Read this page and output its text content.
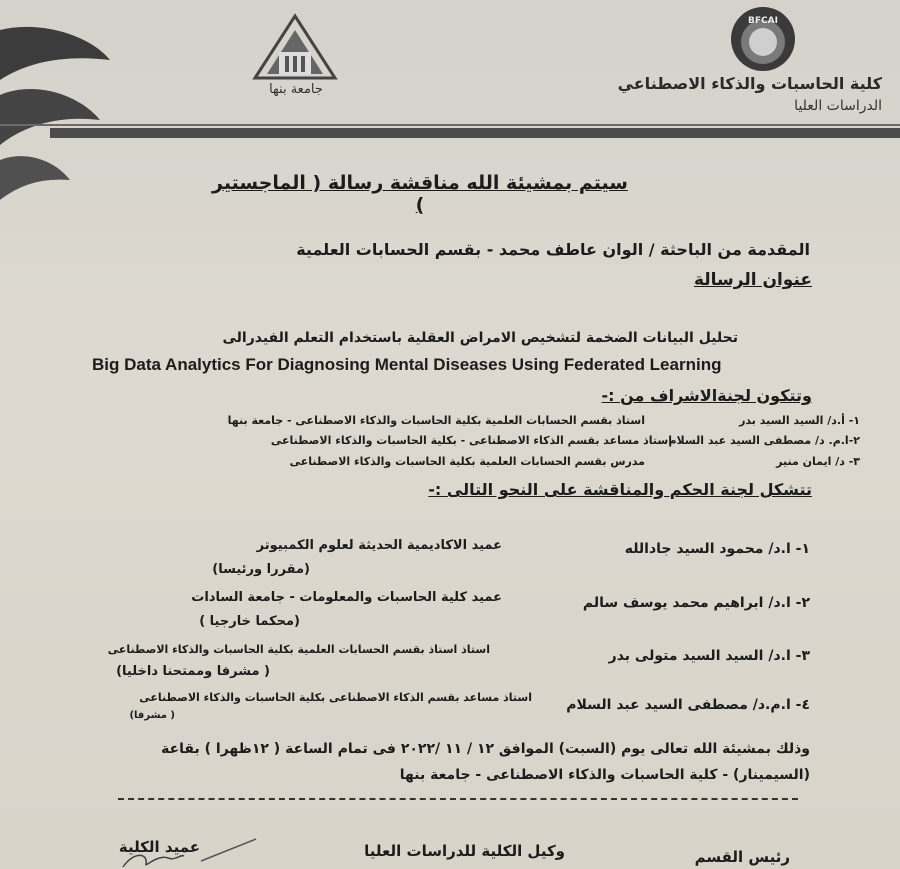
جامعة بنها
BFCAI
كلية الحاسبات والذكاء الاصطناعي
الدراسات العليا
سيتم بمشيئة الله مناقشة رسالة ( الماجستير )
المقدمة من الباحثة / الوان عاطف محمد - بقسم الحسابات العلمية
عنوان الرسالة
تحليل البيانات الضخمة لتشخيص الامراض العقلية باستخدام التعلم الفيدرالى
Big Data Analytics For Diagnosing Mental Diseases Using Federated Learning
وتتكون لجنةالاشراف من :-
١- أ.د/ السيد السيد بدر
استاذ بقسم الحسابات العلمية بكلية الحاسبات والذكاء الاصطناعى - جامعة بنها
٢-ا.م. د/ مصطفى السيد عبد السلام
استاذ مساعد بقسم الذكاء الاصطناعى - بكلية الحاسبات والذكاء الاصطناعى
٣- د/ ايمان منير
مدرس بقسم الحسابات العلمية بكلية الحاسبات والذكاء الاصطناعى
تتشكل لجنة الحكم والمناقشة على النحو التالى :-
١- ا.د/ محمود السيد جادالله
عميد الاكاديمية الحديثة لعلوم الكمبيوتر
(مقررا ورئيسا)
٢- ا.د/ ابراهيم محمد يوسف سالم
عميد كلية الحاسبات والمعلومات - جامعة السادات
(محكما خارجيا )
٣- ا.د/ السيد السيد متولى بدر
استاذ استاذ بقسم الحسابات العلمية بكلية الحاسبات والذكاء الاصطناعى
( مشرفا وممتحنا داخليا)
٤- ا.م.د/ مصطفى السيد عبد السلام
استاذ مساعد بقسم الذكاء الاصطناعى بكلية الحاسبات والذكاء الاصطناعى
( مشرفا)
وذلك بمشيئة الله تعالى يوم (السبت) الموافق ١٢ / ١١ /٢٠٢٢ فى تمام الساعة ( ١٢ظهرا ) بقاعة
(السيمينار) - كلية الحاسبات والذكاء الاصطناعى - جامعة بنها
رئيس القسم
وكيل الكلية للدراسات العليا
عميد الكلية
